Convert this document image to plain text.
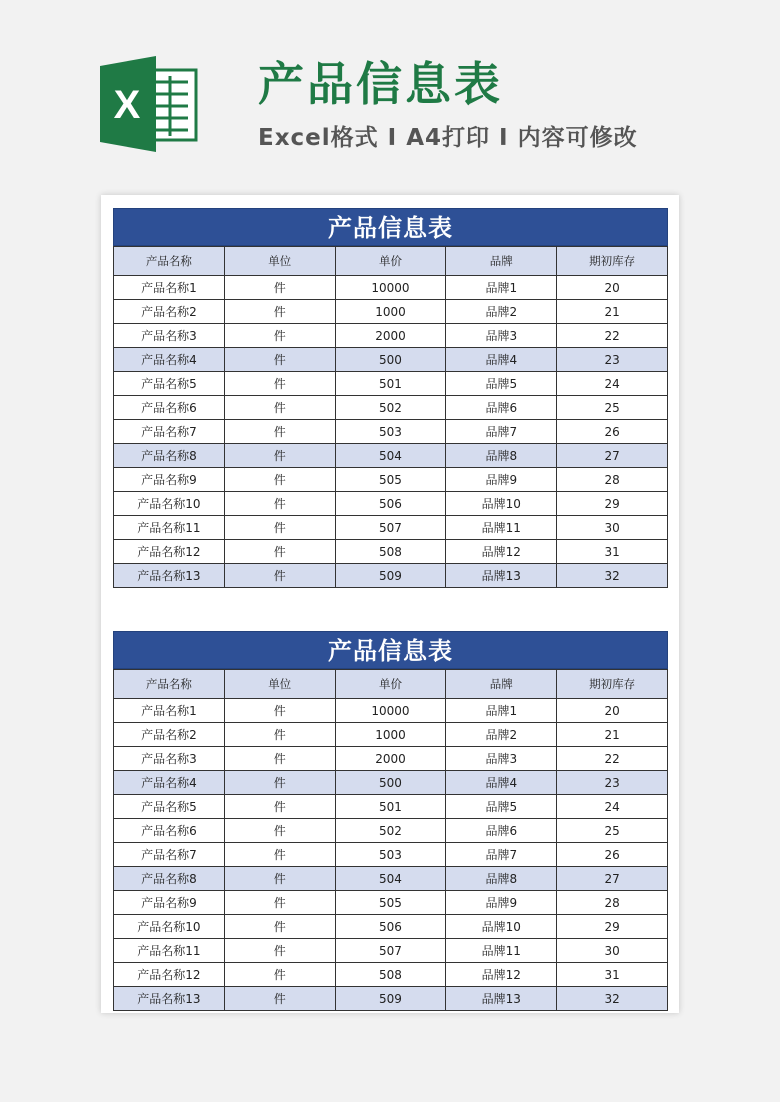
X	产品信息表
Excel格式 Ι A4打印 Ι 内容可修改
产品信息表
产品名称	单位	单价	品牌	期初库存
产品名称1	件	10000	品牌1	20
产品名称2	件	1000	品牌2	21
产品名称3	件	2000	品牌3	22
产品名称4	件	500	品牌4	23
产品名称5	件	501	品牌5	24
产品名称6	件	502	品牌6	25
产品名称7	件	503	品牌7	26
产品名称8	件	504	品牌8	27
产品名称9	件	505	品牌9	28
产品名称10	件	506	品牌10	29
产品名称11	件	507	品牌11	30
产品名称12	件	508	品牌12	31
产品名称13	件	509	品牌13	32
产品信息表
产品名称	单位	单价	品牌	期初库存
产品名称1	件	10000	品牌1	20
产品名称2	件	1000	品牌2	21
产品名称3	件	2000	品牌3	22
产品名称4	件	500	品牌4	23
产品名称5	件	501	品牌5	24
产品名称6	件	502	品牌6	25
产品名称7	件	503	品牌7	26
产品名称8	件	504	品牌8	27
产品名称9	件	505	品牌9	28
产品名称10	件	506	品牌10	29
产品名称11	件	507	品牌11	30
产品名称12	件	508	品牌12	31
产品名称13	件	509	品牌13	32
